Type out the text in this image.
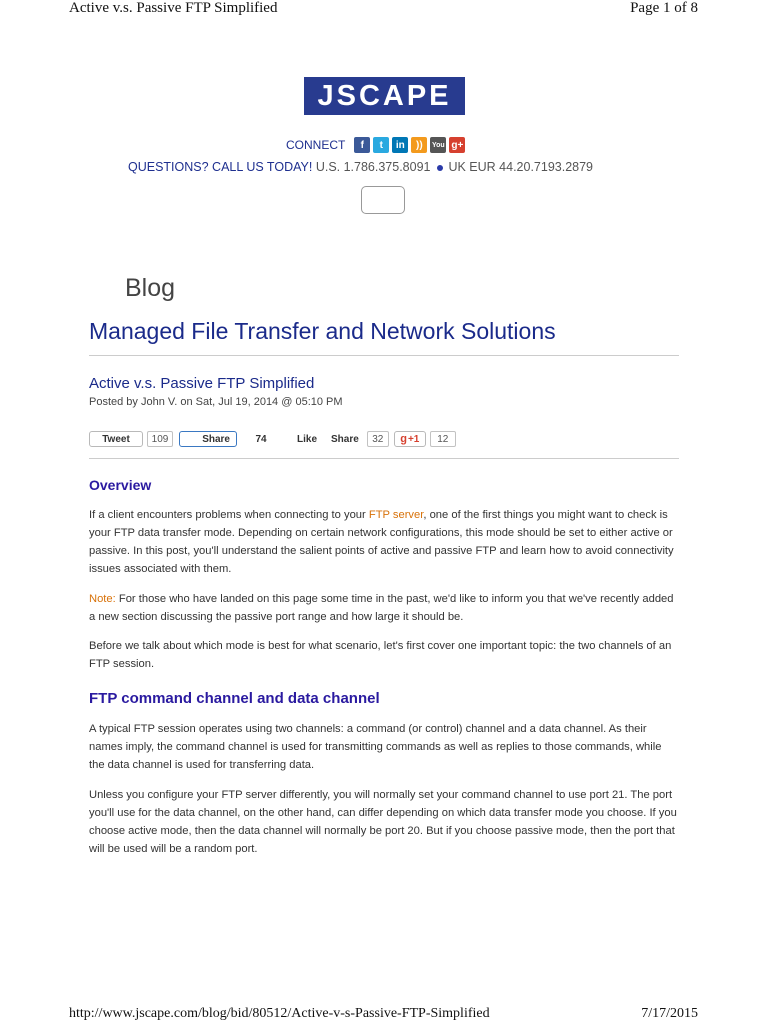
Active v.s. Passive FTP Simplified	Page 1 of 8
JSCAPE
CONNECT	f	t	in	))	You g+
QUESTIONS? CALL US TODAY! U.S. 1.786.375.8091 UK EUR 44.20.7193.2879
Blog
Managed File Transfer and Network Solutions
Active v.s. Passive FTP Simplified
Posted by John V. on Sat, Jul 19, 2014 @ 05:10 PM
Tweet	109	Share	74	Like Share	32	g +1	12
Overview

If a client encounters problems when connecting to your FTP server, one of the first things you might want to check is your FTP data transfer mode. Depending on certain network configurations, this mode should be set to either active or passive. In this post, you'll understand the salient points of active and passive FTP and learn how to avoid connectivity issues associated with them.

Note: For those who have landed on this page some time in the past, we'd like to inform you that we've recently added a new section discussing the passive port range and how large it should be.

Before we talk about which mode is best for what scenario, let's first cover one important topic: the two channels of an FTP session.

FTP command channel and data channel

A typical FTP session operates using two channels: a command (or control) channel and a data channel. As their names imply, the command channel is used for transmitting commands as well as replies to those commands, while the data channel is used for transferring data.

Unless you configure your FTP server differently, you will normally set your command channel to use port 21. The port you'll use for the data channel, on the other hand, can differ depending on which data transfer mode you choose. If you choose active mode, then the data channel will normally be port 20. But if you choose passive mode, then the port that will be used will be a random port.

http://www.jscape.com/blog/bid/80512/Active-v-s-Passive-FTP-Simplified	7/17/2015
